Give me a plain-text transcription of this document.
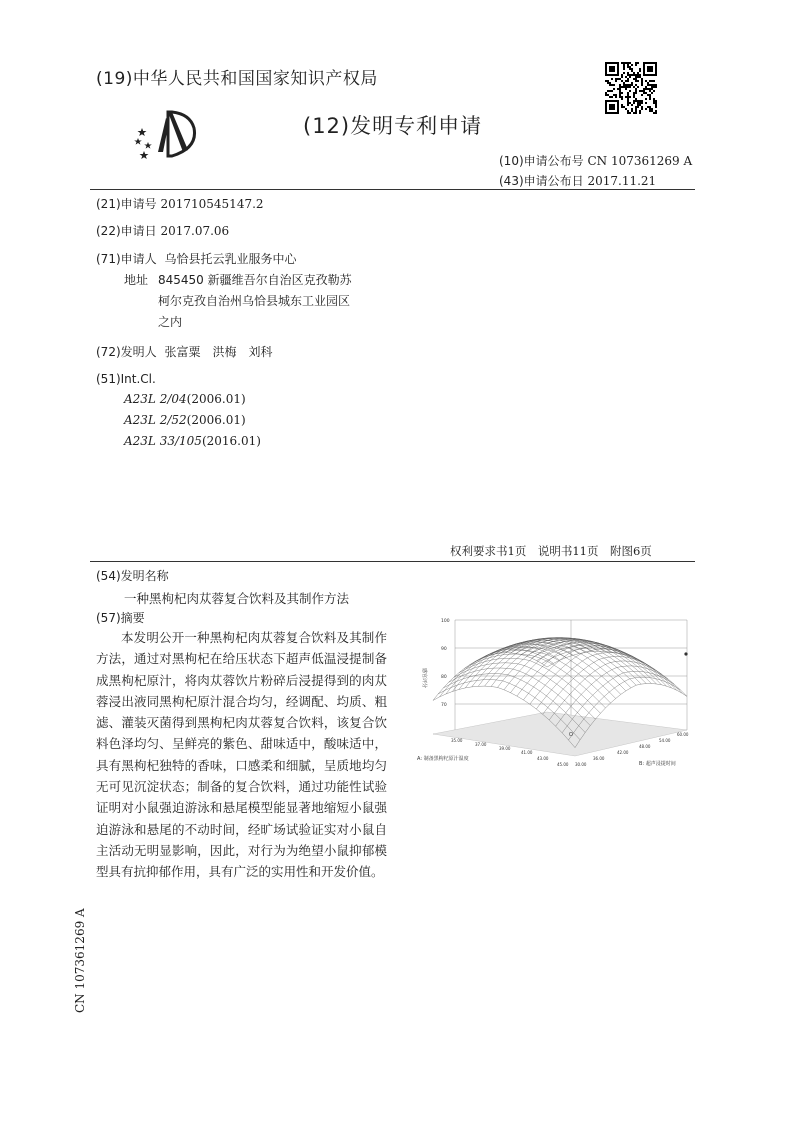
(19)中华人民共和国国家知识产权局
(12)发明专利申请
(10)申请公布号 CN 107361269 A
(43)申请公布日 2017.11.21
(21)申请号 201710545147.2
(22)申请日 2017.07.06
(71)申请人 乌恰县托云乳业服务中心
地址 845450 新疆维吾尔自治区克孜勒苏
柯尔克孜自治州乌恰县城东工业园区
之内
(72)发明人 张富粟　洪梅　刘科
(51)Int.Cl.
A23L 2/04(2006.01)
A23L 2/52(2006.01)
A23L 33/105(2016.01)
权利要求书1页　说明书11页　附图6页
(54)发明名称
一种黑枸杞肉苁蓉复合饮料及其制作方法
(57)摘要

本发明公开一种黑枸杞肉苁蓉复合饮料及其制作方法，通过对黑枸杞在给压状态下超声低温浸提制备成黑枸杞原汁，将肉苁蓉饮片粉碎后浸提得到的肉苁蓉浸出液同黑枸杞原汁混合均匀，经调配、均质、粗滤、灌装灭菌得到黑枸杞肉苁蓉复合饮料，该复合饮料色泽均匀、呈鲜亮的紫色、甜味适中，酸味适中，具有黑枸杞独特的香味，口感柔和细腻，呈质地均匀无可见沉淀状态；制备的复合饮料，通过功能性试验证明对小鼠强迫游泳和悬尾模型能显著地缩短小鼠强迫游泳和悬尾的不动时间，经旷场试验证实对小鼠自主活动无明显影响，因此，对行为为绝望小鼠抑郁模型具有抗抑郁作用，具有广泛的实用性和开发价值。

感官评分
100
90
80
70
35.00
37.00
39.00
41.00
43.00
45.00 30.00
36.00
42.00
48.00
54.00
60.00
A: 制备黑枸杞原汁温度
B: 超声浸提时间
CN 107361269 A
